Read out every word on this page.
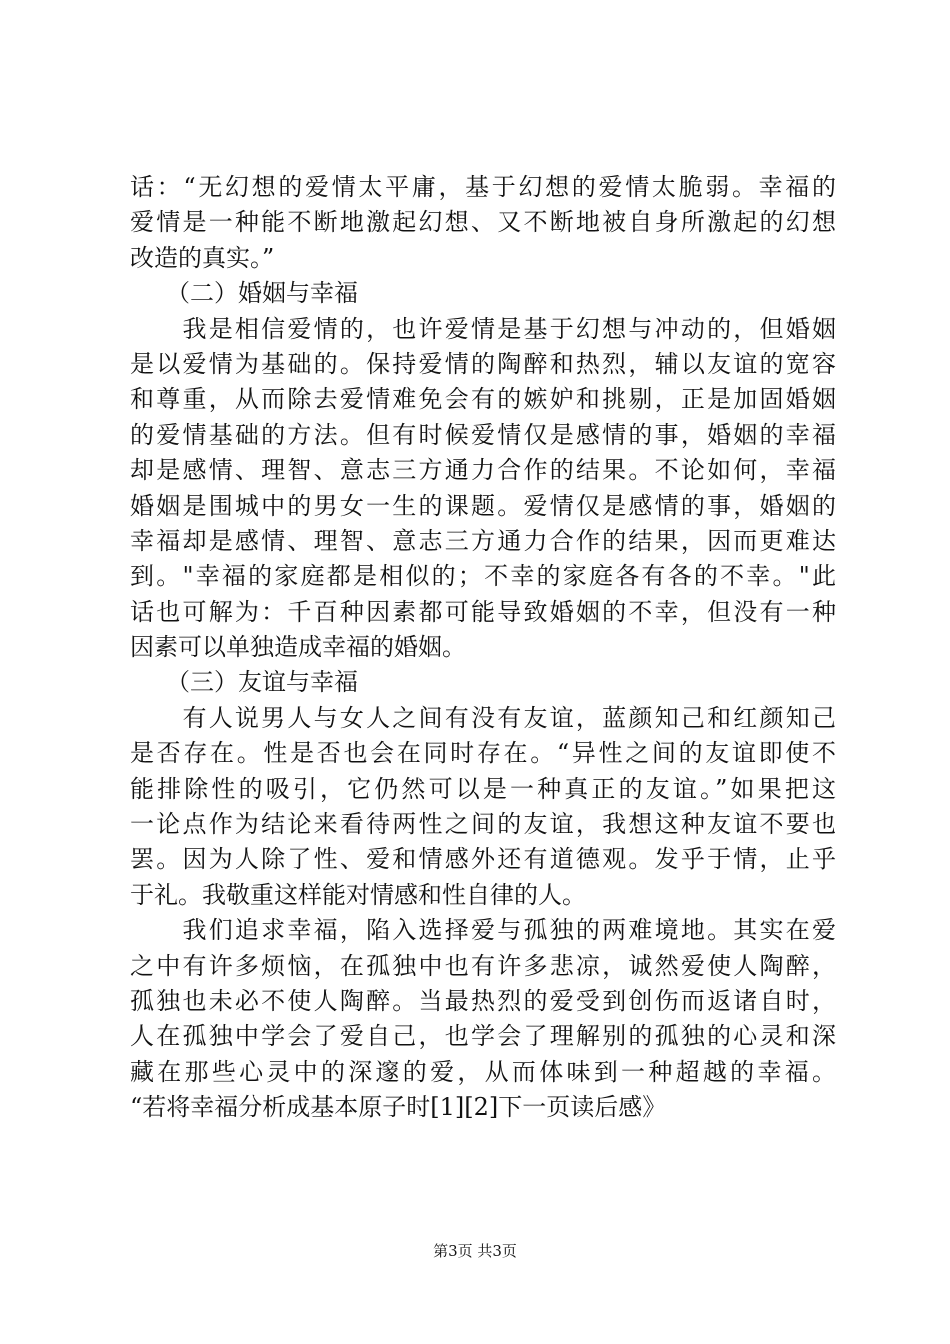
话：“无幻想的爱情太平庸，基于幻想的爱情太脆弱。幸福的
爱情是一种能不断地激起幻想、又不断地被自身所激起的幻想
改造的真实。”
　　（二）婚姻与幸福
　　我是相信爱情的，也许爱情是基于幻想与冲动的，但婚姻
是以爱情为基础的。保持爱情的陶醉和热烈，辅以友谊的宽容
和尊重，从而除去爱情难免会有的嫉妒和挑剔，正是加固婚姻
的爱情基础的方法。但有时候爱情仅是感情的事，婚姻的幸福
却是感情、理智、意志三方通力合作的结果。不论如何，幸福
婚姻是围城中的男女一生的课题。爱情仅是感情的事，婚姻的
幸福却是感情、理智、意志三方通力合作的结果，因而更难达
到。"幸福的家庭都是相似的；不幸的家庭各有各的不幸。"此
话也可解为：千百种因素都可能导致婚姻的不幸，但没有一种
因素可以单独造成幸福的婚姻。
　　（三）友谊与幸福
　　有人说男人与女人之间有没有友谊，蓝颜知己和红颜知己
是否存在。性是否也会在同时存在。“异性之间的友谊即使不
能排除性的吸引，它仍然可以是一种真正的友谊。”如果把这
一论点作为结论来看待两性之间的友谊，我想这种友谊不要也
罢。因为人除了性、爱和情感外还有道德观。发乎于情，止乎
于礼。我敬重这样能对情感和性自律的人。
　　我们追求幸福，陷入选择爱与孤独的两难境地。其实在爱
之中有许多烦恼，在孤独中也有许多悲凉，诚然爱使人陶醉，
孤独也未必不使人陶醉。当最热烈的爱受到创伤而返诸自时，
人在孤独中学会了爱自己，也学会了理解别的孤独的心灵和深
藏在那些心灵中的深邃的爱，从而体味到一种超越的幸福。
“若将幸福分析成基本原子时[1][2]下一页读后感》
第3页 共3页
